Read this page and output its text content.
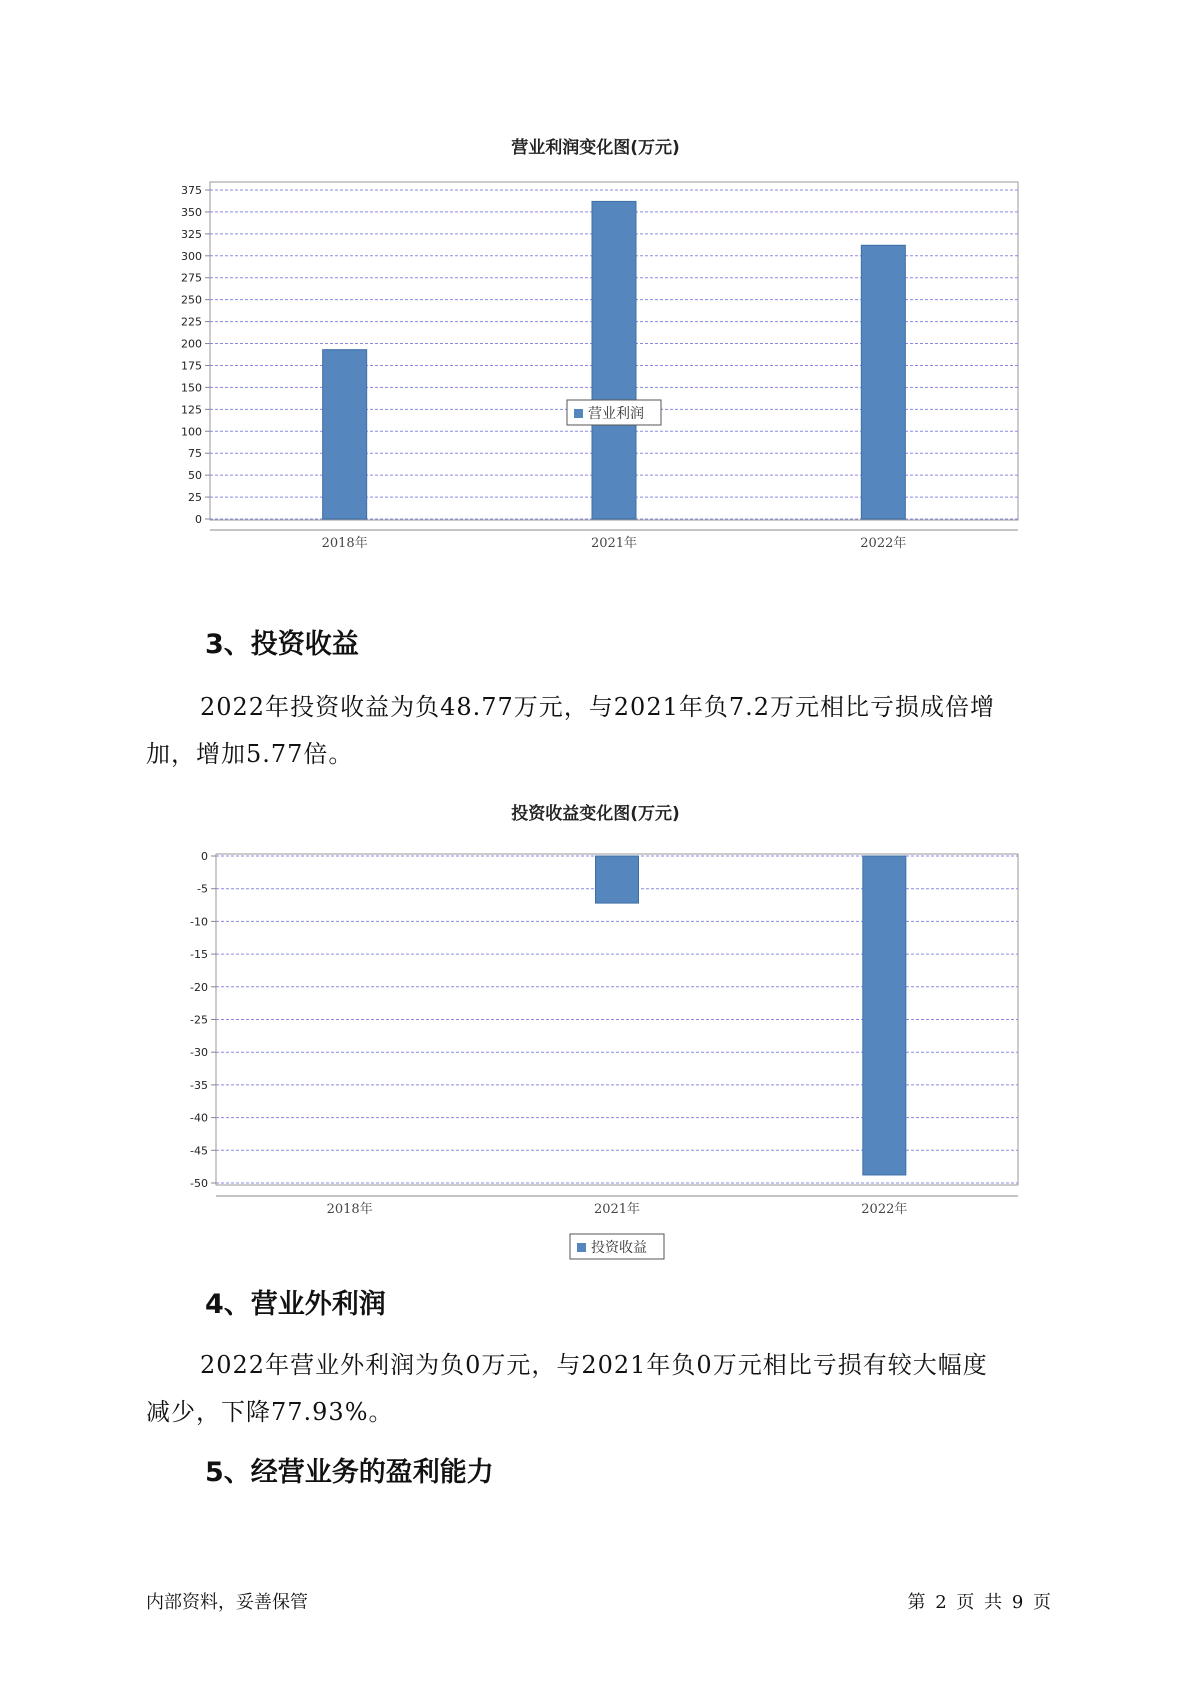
营业利润变化图(万元)
0
25
50
75
100
125
150
175
200
225
250
275
300
325
350
375
2018年	2021年	2022年
营业利润
3、投资收益

2022年投资收益为负48.77万元，与2021年负7.2万元相比亏损成倍增
加，增加5.77倍。

投资收益变化图(万元)
-50
-45
-40
-35
-30
-25
-20
-15
-10
-5
0
2018年	2021年	2022年
投资收益
4、营业外利润

2022年营业外利润为负0万元，与2021年负0万元相比亏损有较大幅度
减少，下降77.93%。

5、经营业务的盈利能力
内部资料，妥善保管	第 2 页 共 9 页
